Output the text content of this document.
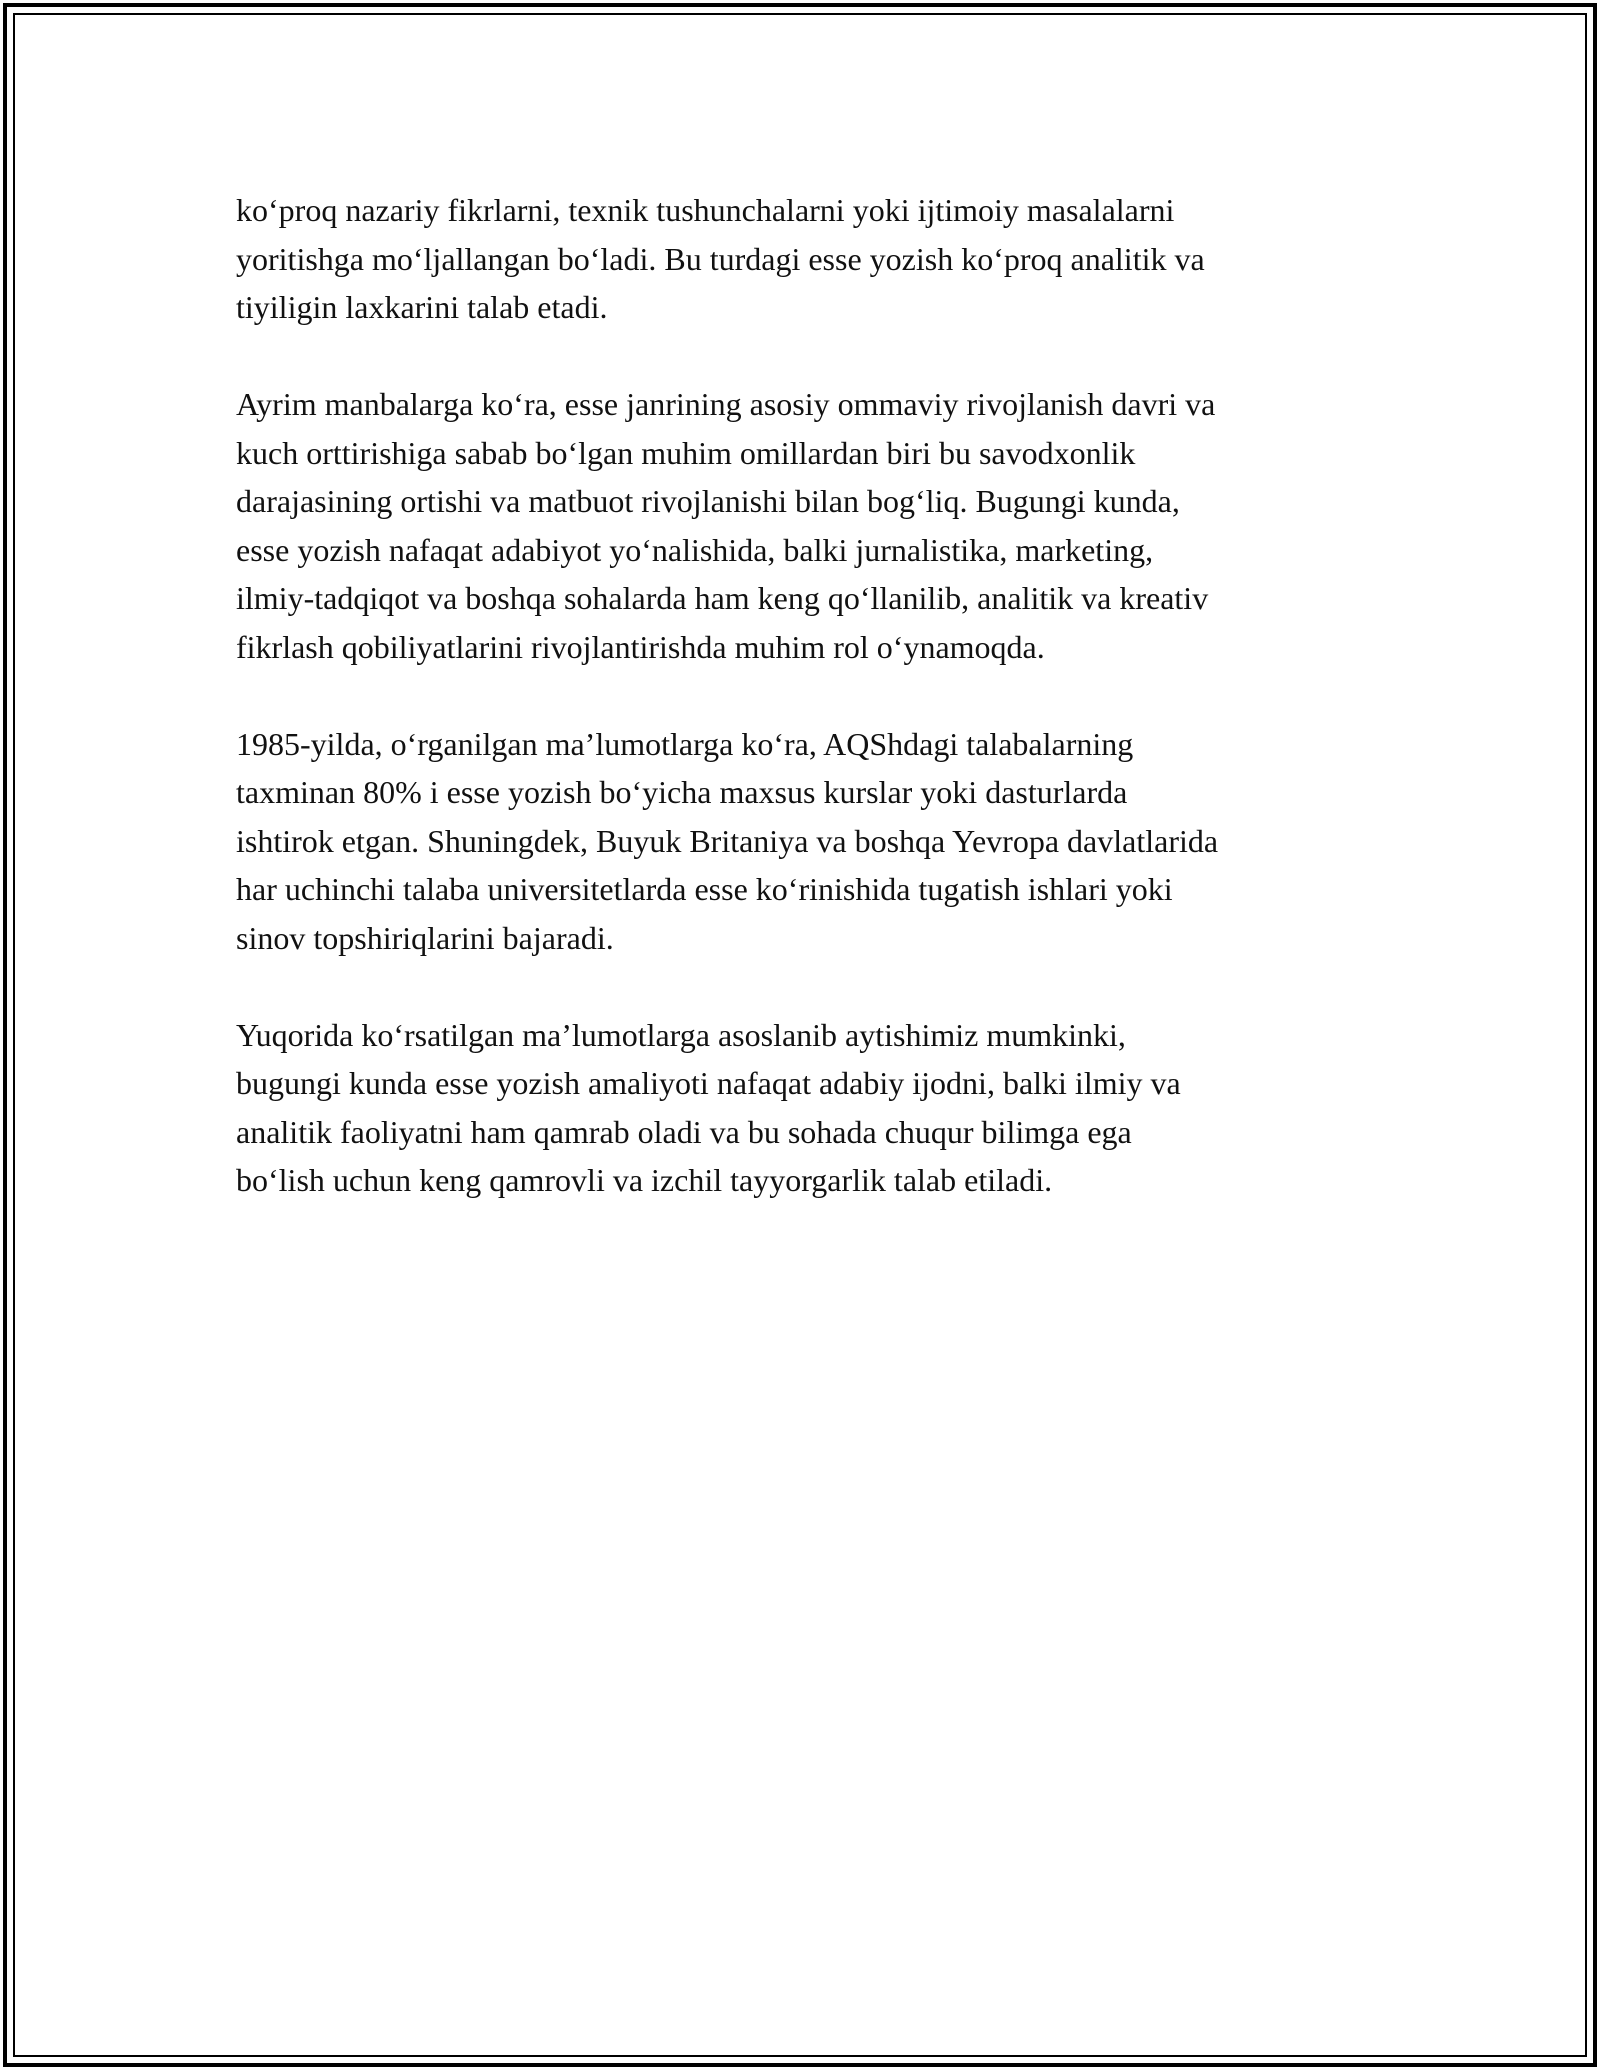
ko‘proq nazariy fikrlarni, texnik tushunchalarni yoki ijtimoiy masalalarni
yoritishga mo‘ljallangan bo‘ladi. Bu turdagi esse yozish ko‘proq analitik va
tiyiligin laxkarini talab etadi.

Ayrim manbalarga ko‘ra, esse janrining asosiy ommaviy rivojlanish davri va
kuch orttirishiga sabab bo‘lgan muhim omillardan biri bu savodxonlik
darajasining ortishi va matbuot rivojlanishi bilan bog‘liq. Bugungi kunda,
esse yozish nafaqat adabiyot yo‘nalishida, balki jurnalistika, marketing,
ilmiy-tadqiqot va boshqa sohalarda ham keng qo‘llanilib, analitik va kreativ
fikrlash qobiliyatlarini rivojlantirishda muhim rol o‘ynamoqda.

1985-yilda, o‘rganilgan ma’lumotlarga ko‘ra, AQShdagi talabalarning
taxminan 80% i esse yozish bo‘yicha maxsus kurslar yoki dasturlarda
ishtirok etgan. Shuningdek, Buyuk Britaniya va boshqa Yevropa davlatlarida
har uchinchi talaba universitetlarda esse ko‘rinishida tugatish ishlari yoki
sinov topshiriqlarini bajaradi.

Yuqorida ko‘rsatilgan ma’lumotlarga asoslanib aytishimiz mumkinki,
bugungi kunda esse yozish amaliyoti nafaqat adabiy ijodni, balki ilmiy va
analitik faoliyatni ham qamrab oladi va bu sohada chuqur bilimga ega
bo‘lish uchun keng qamrovli va izchil tayyorgarlik talab etiladi.
